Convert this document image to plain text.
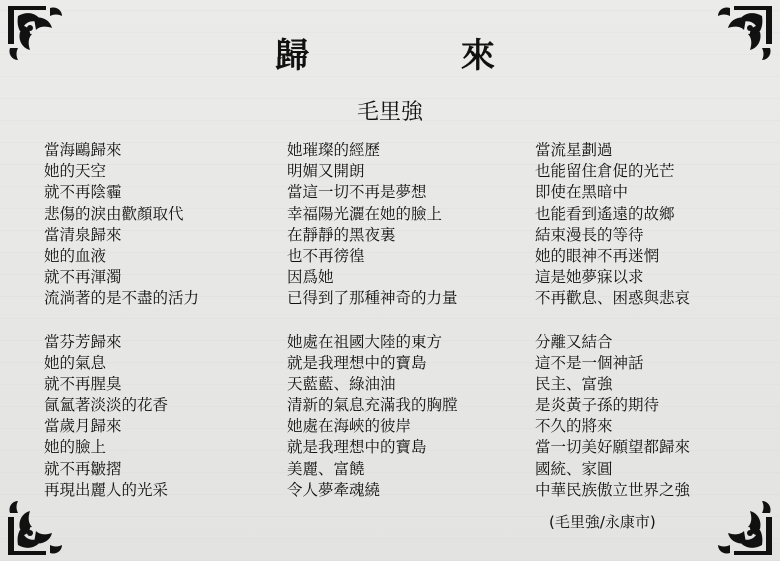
歸 來
毛里強
當海鷗歸來
她的天空
就不再陰霾
悲傷的淚由歡顏取代
當清泉歸來
她的血液
就不再渾濁
流淌著的是不盡的活力
當芬芳歸來
她的氣息
就不再腥臭
氤氳著淡淡的花香
當歲月歸來
她的臉上
就不再皺摺
再現出麗人的光采
她璀璨的經歷
明媚又開朗
當這一切不再是夢想
幸福陽光灑在她的臉上
在靜靜的黑夜裏
也不再徬徨
因爲她
已得到了那種神奇的力量
她處在祖國大陸的東方
就是我理想中的寶島
天藍藍、綠油油
清新的氣息充滿我的胸膛
她處在海峽的彼岸
就是我理想中的寶島
美麗、富饒
令人夢牽魂繞
當流星劃過
也能留住倉促的光芒
即使在黑暗中
也能看到遙遠的故鄉
結束漫長的等待
她的眼神不再迷惘
這是她夢寐以求
不再歡息、困惑與悲哀
分離又結合
這不是一個神話
民主、富強
是炎黃子孫的期待
不久的將來
當一切美好願望都歸來
國統、家圓
中華民族傲立世界之強
(毛里強/永康市)
